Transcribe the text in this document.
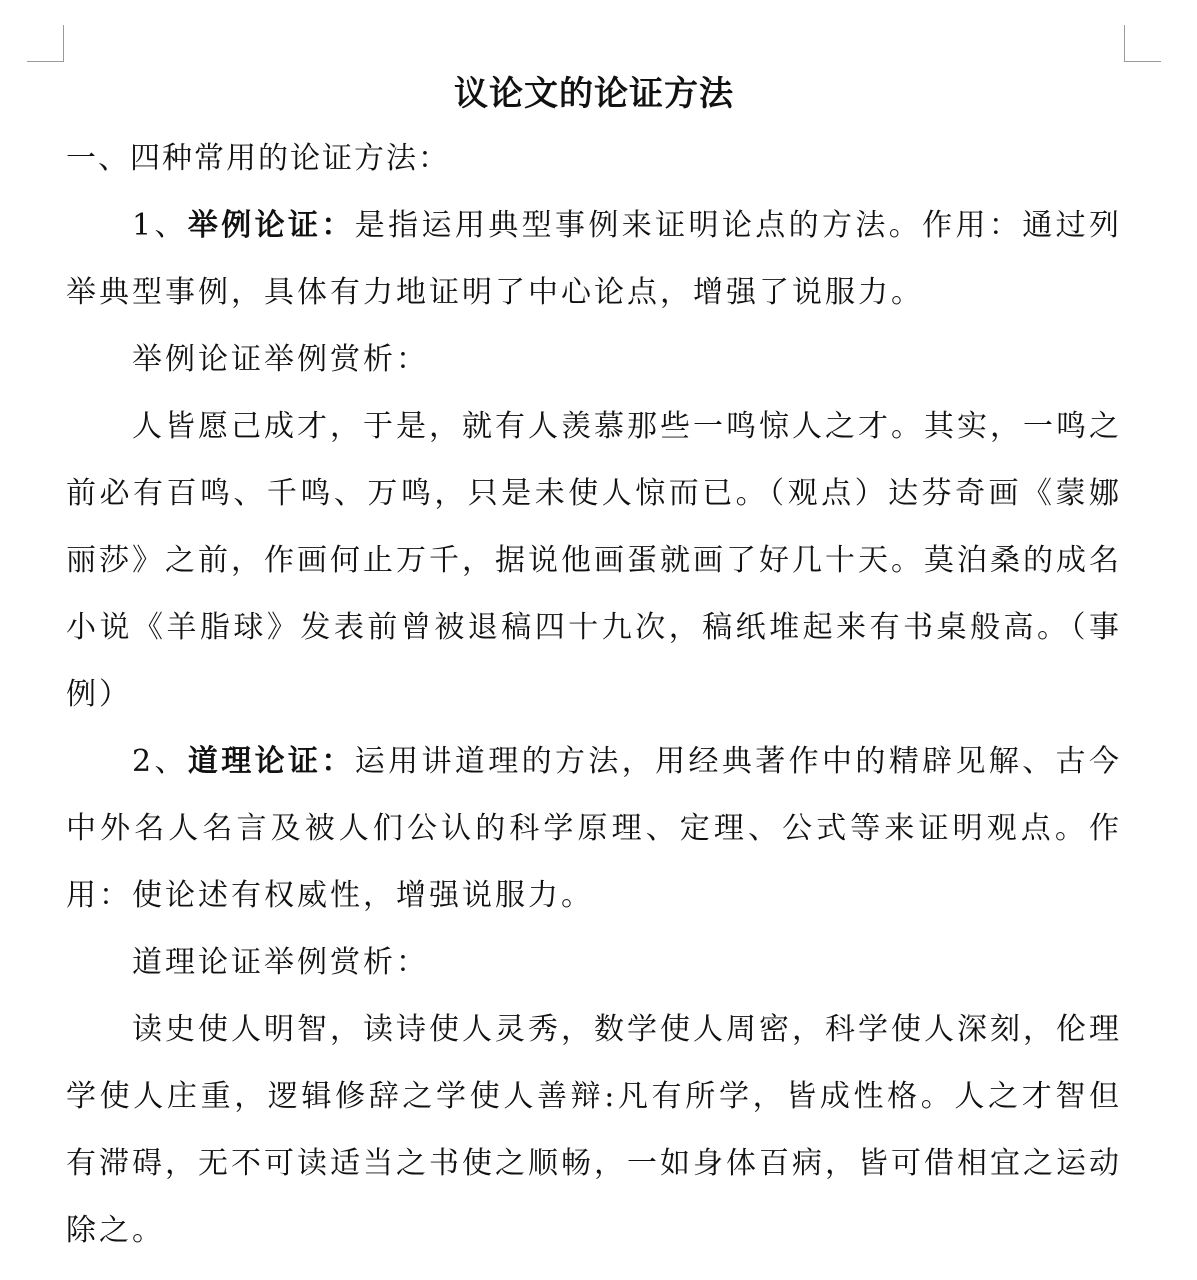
议论文的论证方法
一、四种常用的论证方法：

1、举例论证：是指运用典型事例来证明论点的方法。作用：通过列举典型事例，具体有力地证明了中心论点，增强了说服力。

举例论证举例赏析：

人皆愿己成才，于是，就有人羡慕那些一鸣惊人之才。其实，一鸣之前必有百鸣、千鸣、万鸣，只是未使人惊而已。（观点）达芬奇画《蒙娜丽莎》之前，作画何止万千，据说他画蛋就画了好几十天。莫泊桑的成名小说《羊脂球》发表前曾被退稿四十九次，稿纸堆起来有书桌般高。（事例）

2、道理论证：运用讲道理的方法，用经典著作中的精辟见解、古今中外名人名言及被人们公认的科学原理、定理、公式等来证明观点。作用：使论述有权威性，增强说服力。

道理论证举例赏析：

读史使人明智，读诗使人灵秀，数学使人周密，科学使人深刻，伦理学使人庄重，逻辑修辞之学使人善辩:凡有所学，皆成性格。人之才智但有滞碍，无不可读适当之书使之顺畅，一如身体百病，皆可借相宜之运动除之。
